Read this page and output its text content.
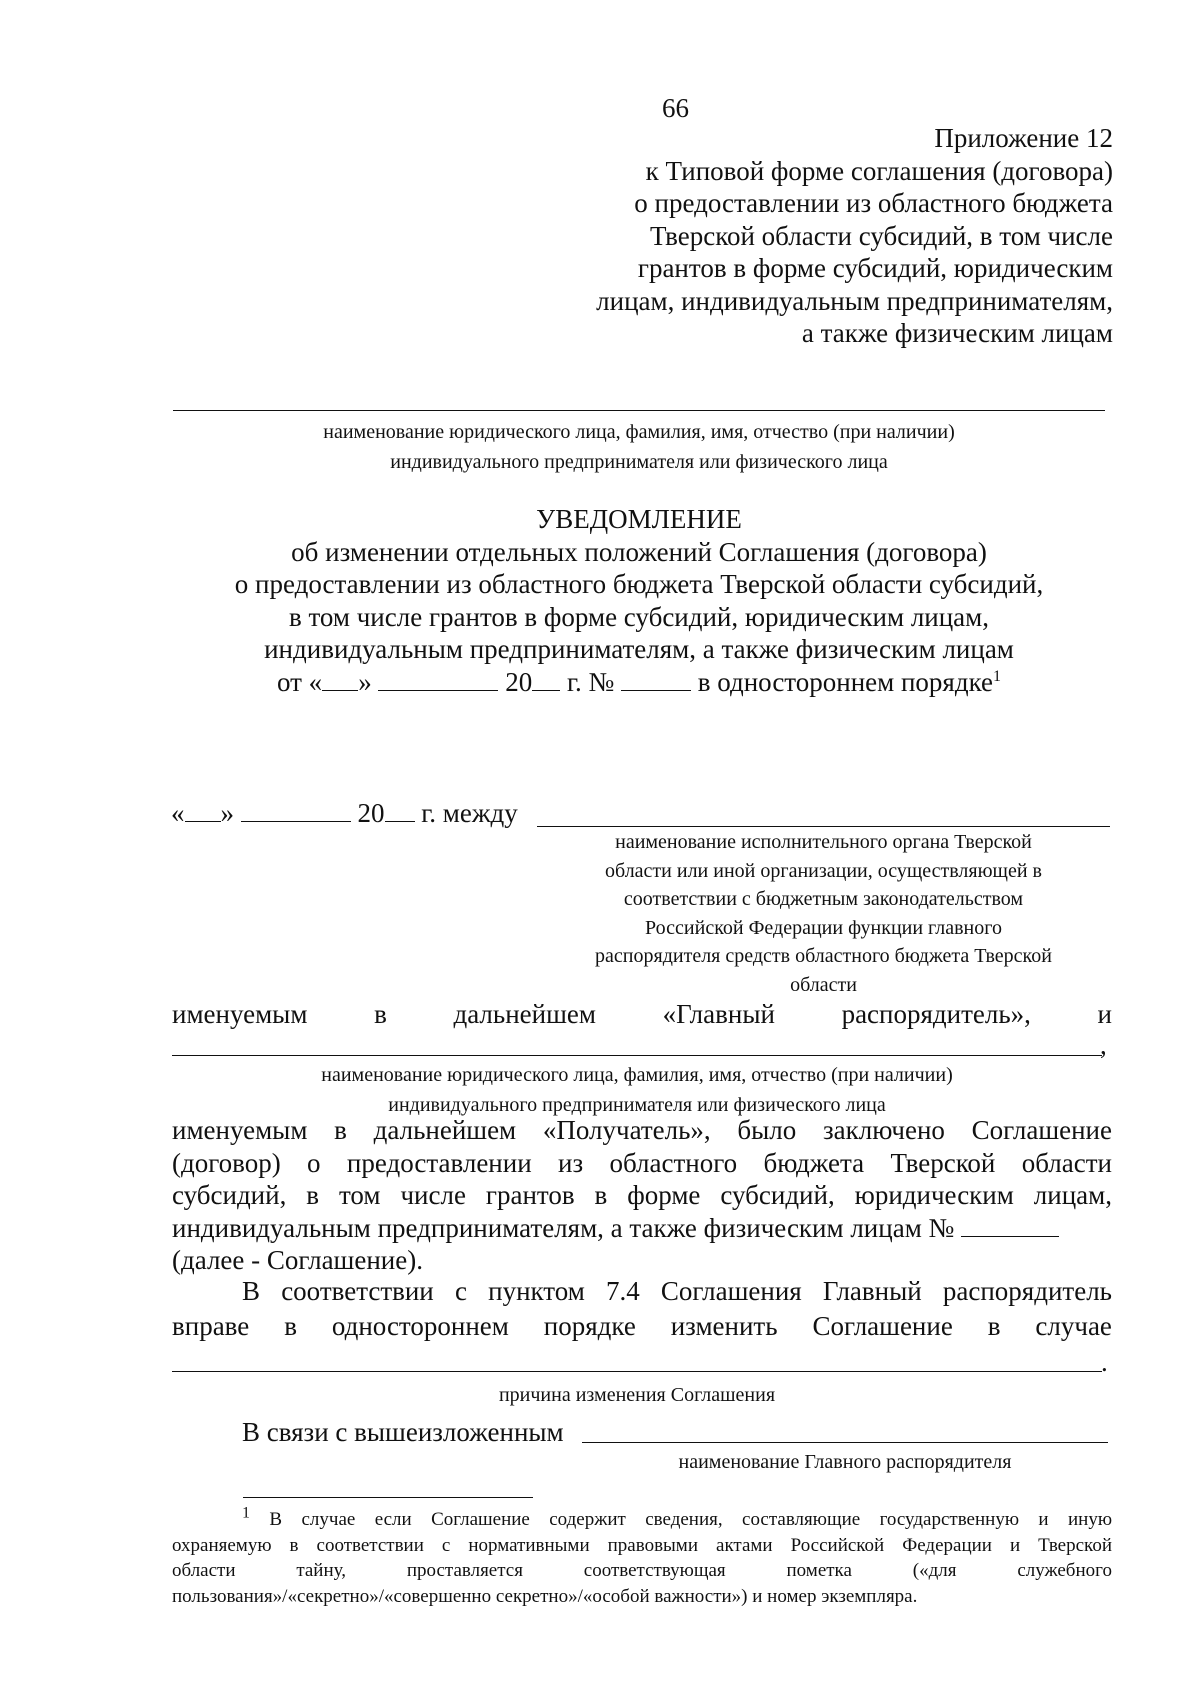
66
Приложение 12
к Типовой форме соглашения (договора)
о предоставлении из областного бюджета
Тверской области субсидий, в том числе
грантов в форме субсидий, юридическим
лицам, индивидуальным предпринимателям,
а также физическим лицам
наименование юридического лица, фамилия, имя, отчество (при наличии)
индивидуального предпринимателя или физического лица
УВЕДОМЛЕНИЕ
об изменении отдельных положений Соглашения (договора)
о предоставлении из областного бюджета Тверской области субсидий,
в том числе грантов в форме субсидий, юридическим лицам,
индивидуальным предпринимателям, а также физическим лицам
от « »	20 г. №	в одностороннем порядке$^1$
« »	20 г. между
наименование исполнительного органа Тверской
области или иной организации, осуществляющей в
соответствии с бюджетным законодательством
Российской Федерации функции главного
распорядителя средств областного бюджета Тверской
области
именуемым в дальнейшем «Главный распорядитель», и
,
наименование юридического лица, фамилия, имя, отчество (при наличии)
индивидуального предпринимателя или физического лица
именуемым в дальнейшем «Получатель», было заключено Соглашение
(договор) о предоставлении из областного бюджета Тверской области
субсидий, в том числе грантов в форме субсидий, юридическим лицам,
индивидуальным предпринимателям, а также физическим лицам №
(далее - Соглашение).
В соответствии с пунктом 7.4 Соглашения Главный распорядитель
вправе в одностороннем порядке изменить Соглашение в случае
.
причина изменения Соглашения
В связи с вышеизложенным
наименование Главного распорядителя
$^1$ В случае если Соглашение содержит сведения, составляющие государственную и иную
охраняемую в соответствии с нормативными правовыми актами Российской Федерации и Тверской
области	тайну,	проставляется	соответствующая	пометка	(«для	служебного
пользования»/«секретно»/«совершенно секретно»/«особой важности») и номер экземпляра.
